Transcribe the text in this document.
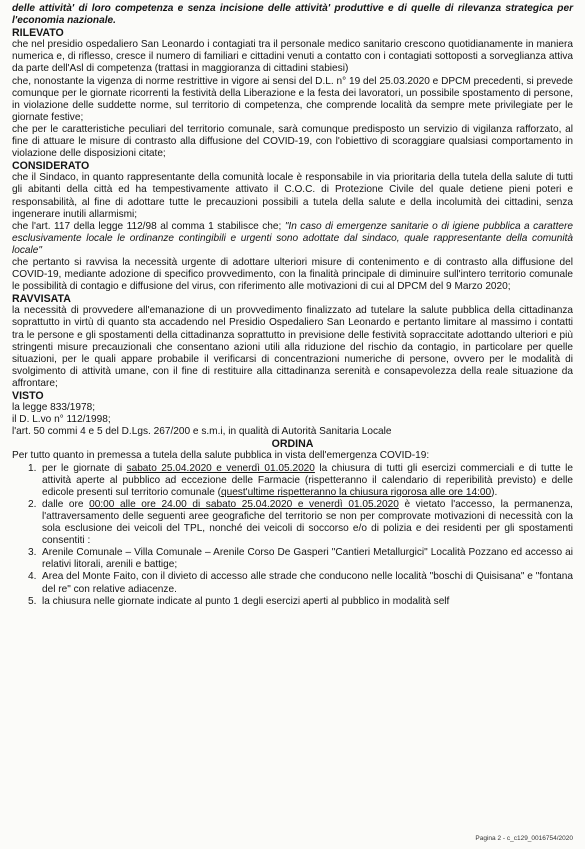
delle attività' di loro competenza e senza incisione delle attività' produttive e di quelle di rilevanza strategica per l'economia nazionale.

RILEVATO

che nel presidio ospedaliero San Leonardo i contagiati tra il personale medico sanitario crescono quotidianamente in maniera numerica e, di riflesso, cresce il numero di familiari e cittadini venuti a contatto con i contagiati sottoposti a sorveglianza attiva da parte dell'Asl di competenza (trattasi in maggioranza di cittadini stabiesi)

che, nonostante la vigenza di norme restrittive in vigore ai sensi del D.L. n° 19 del 25.03.2020 e DPCM precedenti, si prevede comunque per le giornate ricorrenti la festività della Liberazione e la festa dei lavoratori, un possibile spostamento di persone, in violazione delle suddette norme, sul territorio di competenza, che comprende località da sempre mete privilegiate per le giornate festive;

che per le caratteristiche peculiari del territorio comunale, sarà comunque predisposto un servizio di vigilanza rafforzato, al fine di attuare le misure di contrasto alla diffusione del COVID-19, con l'obiettivo di scoraggiare qualsiasi comportamento in violazione delle disposizioni citate;

CONSIDERATO

che il Sindaco, in quanto rappresentante della comunità locale è responsabile in via prioritaria della tutela della salute di tutti gli abitanti della città ed ha tempestivamente attivato il C.O.C. di Protezione Civile del quale detiene pieni poteri e responsabilità, al fine di adottare tutte le precauzioni possibili a tutela della salute e della incolumità dei cittadini, senza ingenerare inutili allarmismi;

che l'art. 117 della legge 112/98 al comma 1 stabilisce che; "In caso di emergenze sanitarie o di igiene pubblica a carattere esclusivamente locale le ordinanze contingibili e urgenti sono adottate dal sindaco, quale rappresentante della comunità locale"

che pertanto si ravvisa la necessità urgente di adottare ulteriori misure di contenimento e di contrasto alla diffusione del COVID-19, mediante adozione di specifico provvedimento, con la finalità principale di diminuire sull'intero territorio comunale le possibilità di contagio e diffusione del virus, con riferimento alle motivazioni di cui al DPCM del 9 Marzo 2020;

RAVVISATA

la necessità di provvedere all'emanazione di un provvedimento finalizzato ad tutelare la salute pubblica della cittadinanza soprattutto in virtù di quanto sta accadendo nel Presidio Ospedaliero San Leonardo e pertanto limitare al massimo i contatti tra le persone e gli spostamenti della cittadinanza soprattutto in previsione delle festività sopraccitate adottando ulteriori e più stringenti misure precauzionali che consentano azioni utili alla riduzione del rischio da contagio, in particolare per quelle situazioni, per le quali appare probabile il verificarsi di concentrazioni numeriche di persone, ovvero per le modalità di svolgimento di attività umane, con il fine di restituire alla cittadinanza serenità e consapevolezza della reale situazione da affrontare;

VISTO

la legge 833/1978;

il D. L.vo n° 112/1998;

l'art. 50 commi 4 e 5 del D.Lgs. 267/200 e s.m.i, in qualità di Autorità Sanitaria Locale

ORDINA

Per tutto quanto in premessa a tutela della salute pubblica in vista dell'emergenza COVID-19:

1. per le giornate di sabato 25.04.2020 e venerdì 01.05.2020 la chiusura di tutti gli esercizi commerciali e di tutte le attività aperte al pubblico ad eccezione delle Farmacie (rispetteranno il calendario di reperibilità previsto) e delle edicole presenti sul territorio comunale (quest'ultime rispetteranno la chiusura rigorosa alle ore 14:00).
2. dalle ore 00:00 alle ore 24.00 di sabato 25.04.2020 e venerdì 01.05.2020 è vietato l'accesso, la permanenza, l'attraversamento delle seguenti aree geografiche del territorio se non per comprovate motivazioni di necessità con la sola esclusione dei veicoli del TPL, nonché dei veicoli di soccorso e/o di polizia e dei residenti per gli spostamenti consentiti :
3. Arenile Comunale – Villa Comunale – Arenile Corso De Gasperi "Cantieri Metallurgici" Località Pozzano ed accesso ai relativi litorali, arenili e battige;
4. Area del Monte Faito, con il divieto di accesso alle strade che conducono nelle località "boschi di Quisisana" e "fontana del re" con relative adiacenze.
5. la chiusura nelle giornate indicate al punto 1 degli esercizi aperti al pubblico in modalità self
Pagina 2 - c_c129_0016754/2020
